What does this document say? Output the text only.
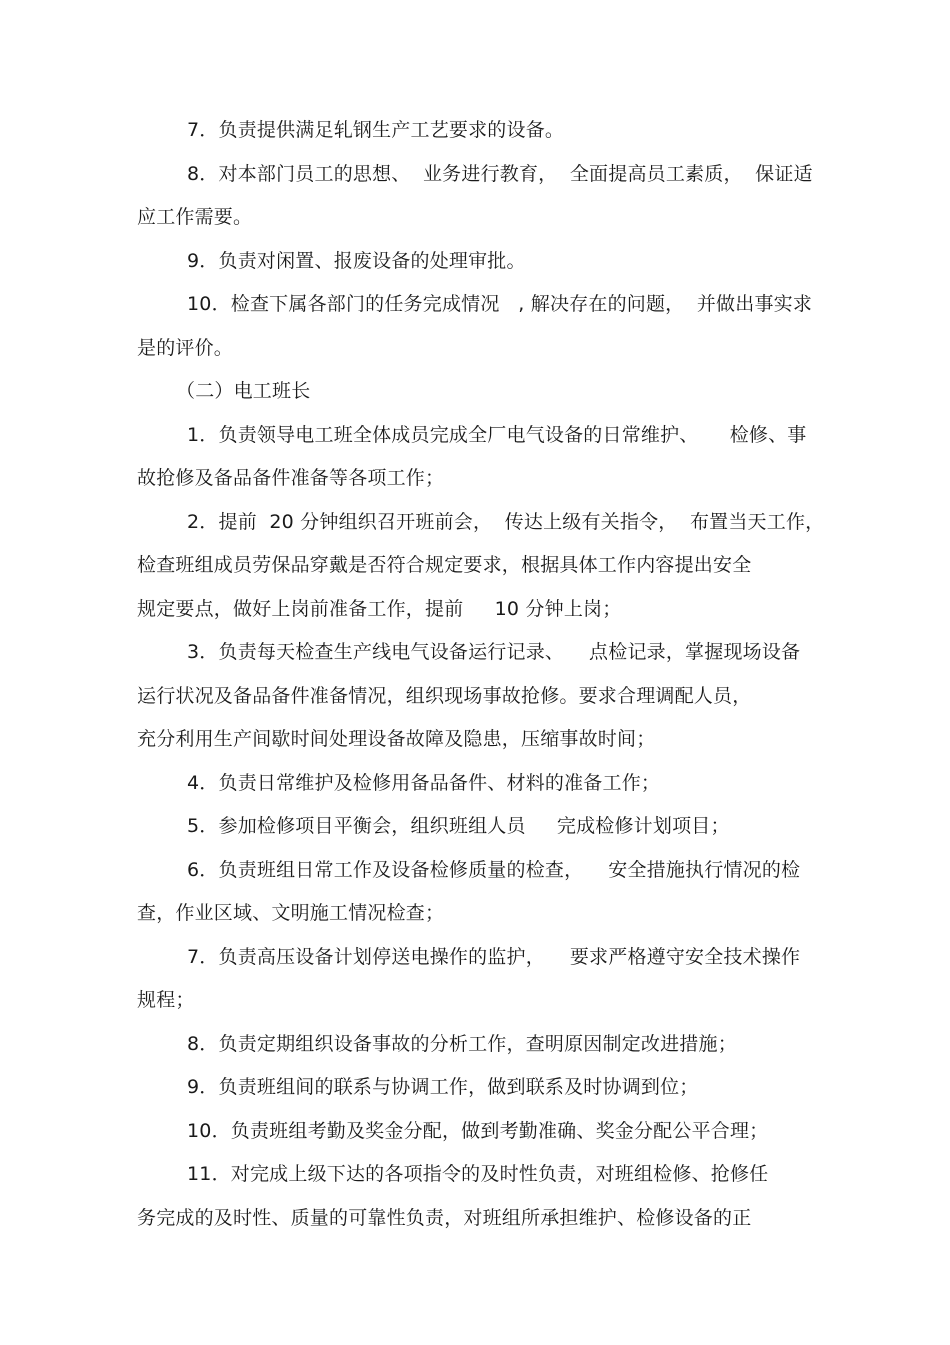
7．负责提供满足轧钢生产工艺要求的设备。
8．对本部门员工的思想、  业务进行教育，  全面提高员工素质，  保证适
应工作需要。
9．负责对闲置、报废设备的处理审批。
10．检查下属各部门的任务完成情况   , 解决存在的问题，  并做出事实求
是的评价。
（二）电工班长
1．负责领导电工班全体成员完成全厂电气设备的日常维护、     检修、事
故抢修及备品备件准备等各项工作；
2．提前  20 分钟组织召开班前会，  传达上级有关指令，  布置当天工作，
检查班组成员劳保品穿戴是否符合规定要求，根据具体工作内容提出安全
规定要点，做好上岗前准备工作，提前     10 分钟上岗；
3．负责每天检查生产线电气设备运行记录、    点检记录，掌握现场设备
运行状况及备品备件准备情况，组织现场事故抢修。要求合理调配人员，
充分利用生产间歇时间处理设备故障及隐患，压缩事故时间；
4．负责日常维护及检修用备品备件、材料的准备工作；
5．参加检修项目平衡会，组织班组人员     完成检修计划项目；
6．负责班组日常工作及设备检修质量的检查，    安全措施执行情况的检
查，作业区域、文明施工情况检查；
7．负责高压设备计划停送电操作的监护，    要求严格遵守安全技术操作
规程；
8．负责定期组织设备事故的分析工作，查明原因制定改进措施；
9．负责班组间的联系与协调工作，做到联系及时协调到位；
10．负责班组考勤及奖金分配，做到考勤准确、奖金分配公平合理；
11．对完成上级下达的各项指令的及时性负责，对班组检修、抢修任
务完成的及时性、质量的可靠性负责，对班组所承担维护、检修设备的正
